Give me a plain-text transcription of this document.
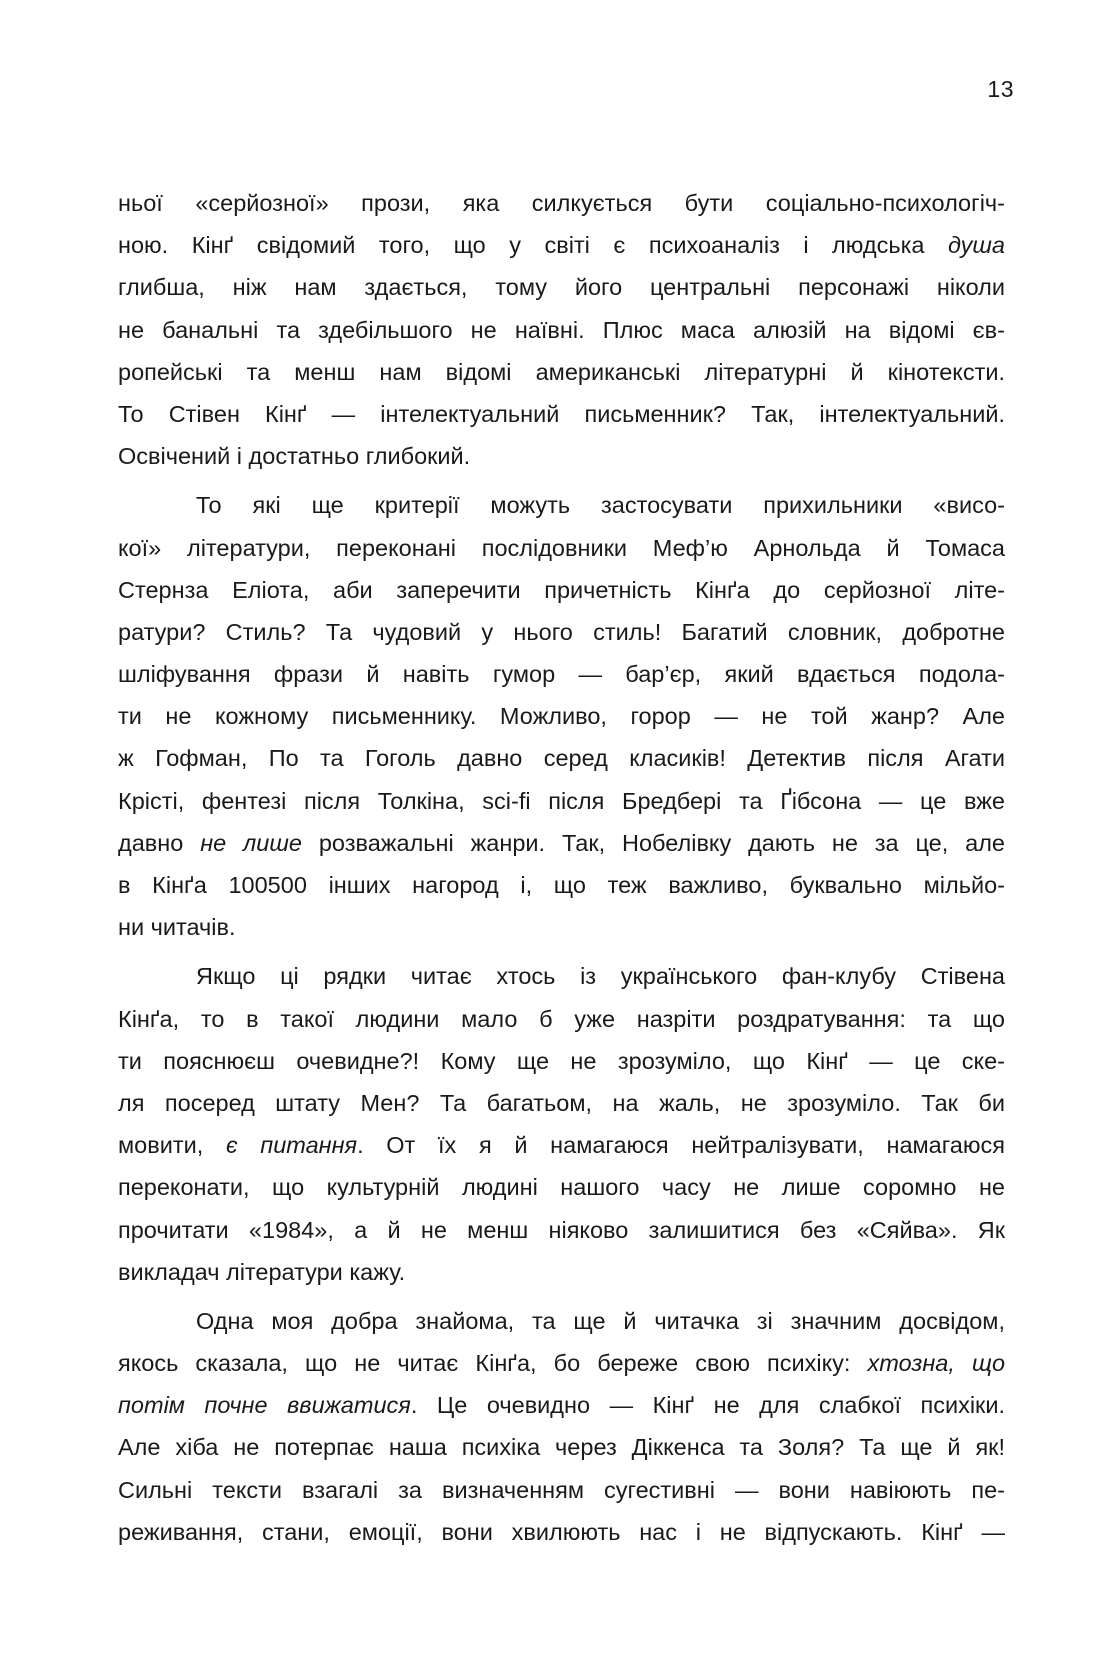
13
ньої «серйозної» прози, яка силкується бути соціально-психологіч-
ною. Кінґ свідомий того, що у світі є психоаналіз і людська душа
глибша, ніж нам здається, тому його центральні персонажі ніколи
не банальні та здебільшого не наївні. Плюс маса алюзій на відомі єв-
ропейські та менш нам відомі американські літературні й кінотексти.
То Стівен Кінґ — інтелектуальний письменник? Так, інтелектуальний.
Освічений і достатньо глибокий.
То які ще критерії можуть застосувати прихильники «висо-
кої» літератури, переконані послідовники Меф’ю Арнольда й Томаса
Стернза Еліота, аби заперечити причетність Кінґа до серйозної літе-
ратури? Стиль? Та чудовий у нього стиль! Багатий словник, добротне
шліфування фрази й навіть гумор — бар’єр, який вдається подола-
ти не кожному письменнику. Можливо, горор — не той жанр? Але
ж Гофман, По та Гоголь давно серед класиків! Детектив після Агати
Крісті, фентезі після Толкіна, sci-fi після Бредбері та Ґібсона — це вже
давно не лише розважальні жанри. Так, Нобелівку дають не за це, але
в Кінґа 100500 інших нагород і, що теж важливо, буквально мільйо-
ни читачів.
Якщо ці рядки читає хтось із українського фан-клубу Стівена
Кінґа, то в такої людини мало б уже назріти роздратування: та що
ти пояснюєш очевидне?! Кому ще не зрозуміло, що Кінґ — це ске-
ля посеред штату Мен? Та багатьом, на жаль, не зрозуміло. Так би
мовити, є питання. От їх я й намагаюся нейтралізувати, намагаюся
переконати, що культурній людині нашого часу не лише соромно не
прочитати «1984», а й не менш ніяково залишитися без «Сяйва». Як
викладач літератури кажу.
Одна моя добра знайома, та ще й читачка зі значним досвідом,
якось сказала, що не читає Кінґа, бо береже свою психіку: хтозна, що
потім почне ввижатися. Це очевидно — Кінґ не для слабкої психіки.
Але хіба не потерпає наша психіка через Діккенса та Золя? Та ще й як!
Сильні тексти взагалі за визначенням сугестивні — вони навіюють пе-
реживання, стани, емоції, вони хвилюють нас і не відпускають. Кінґ —
